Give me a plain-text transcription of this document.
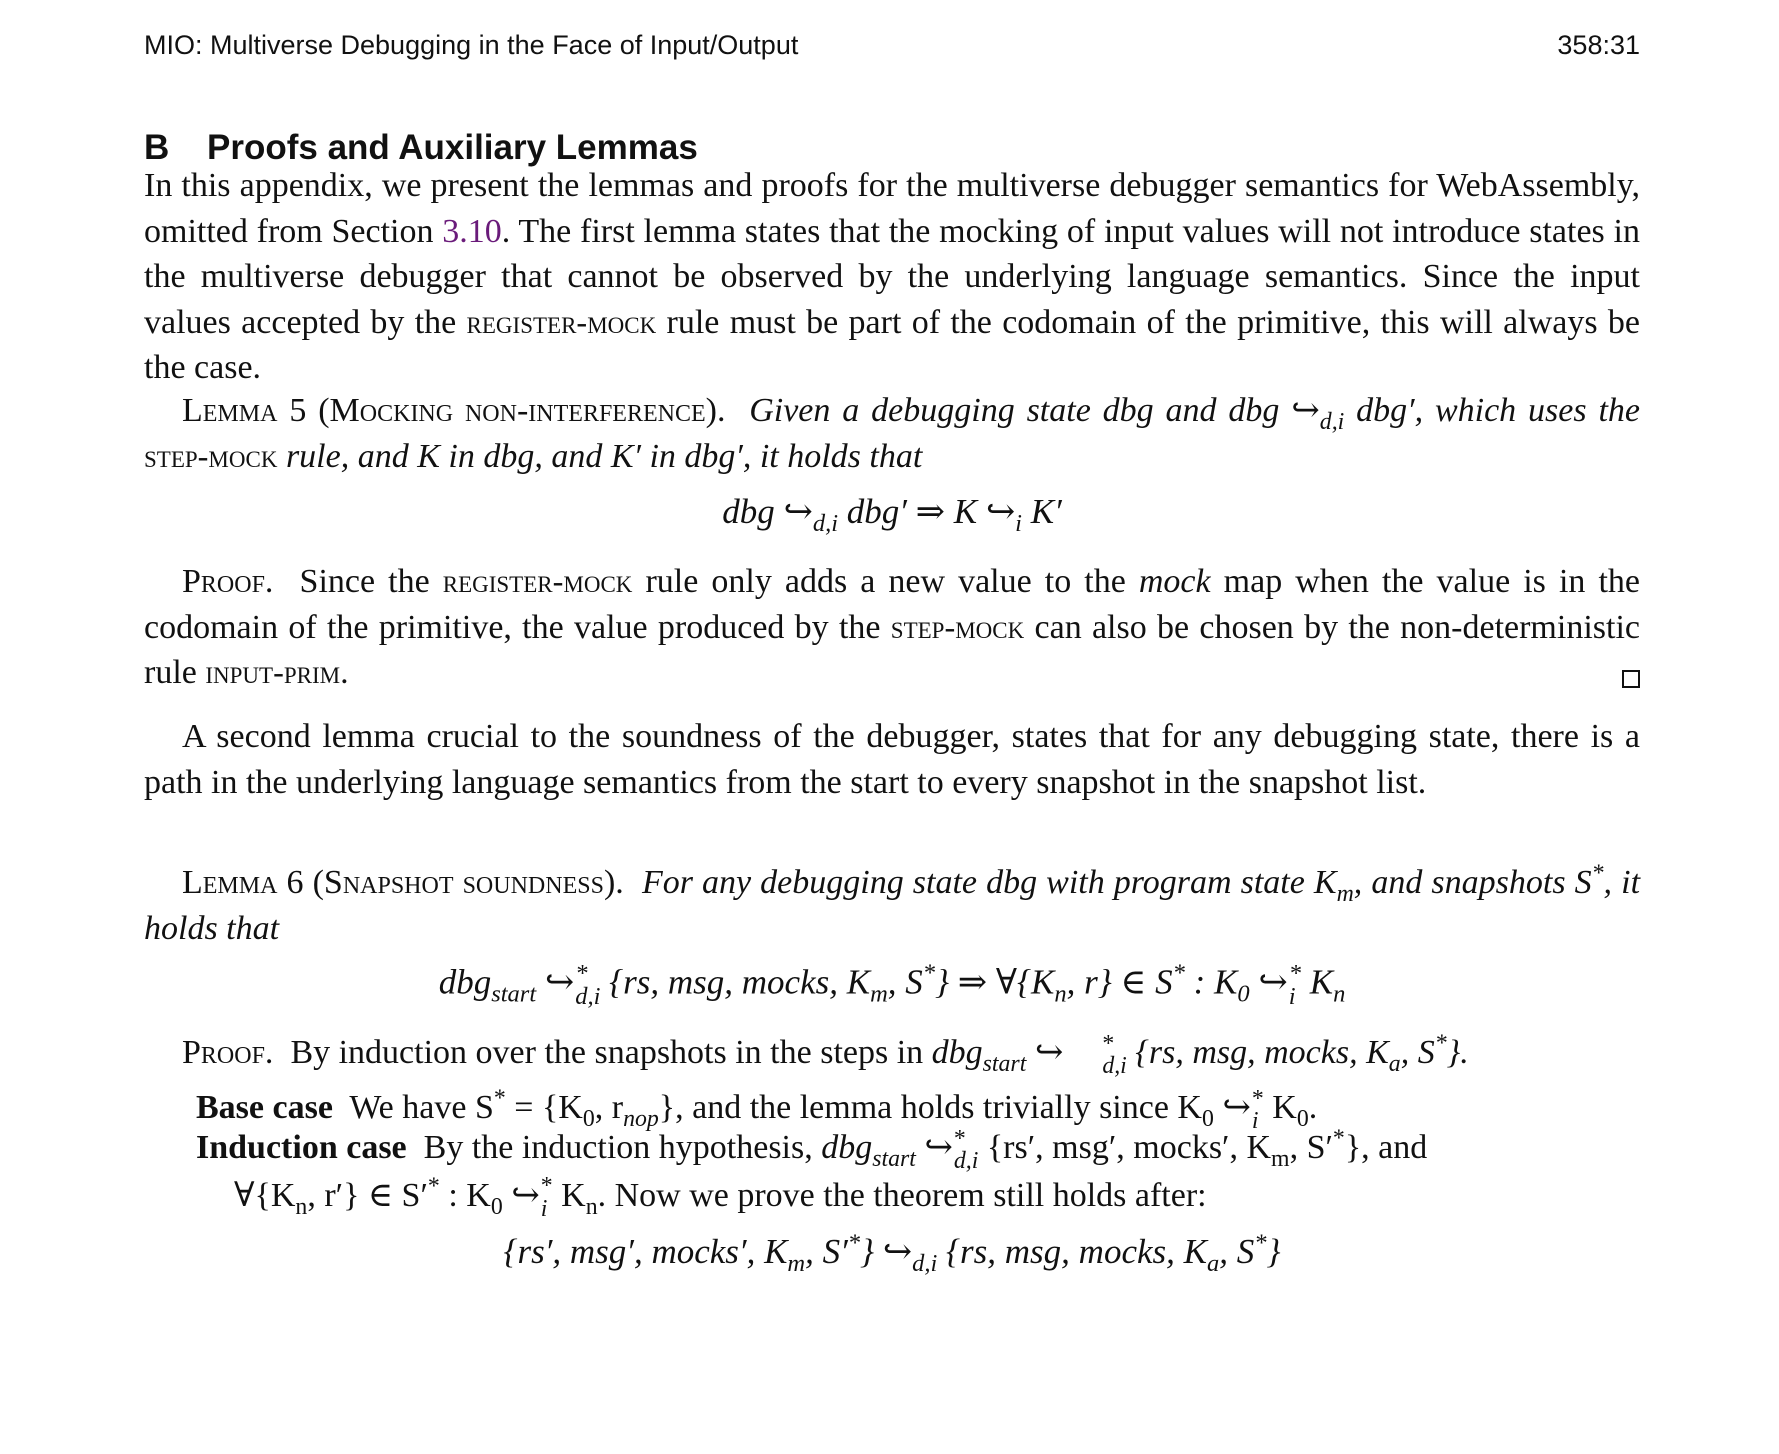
MIO: Multiverse Debugging in the Face of Input/Output	358:31
B Proofs and Auxiliary Lemmas
In this appendix, we present the lemmas and proofs for the multiverse debugger semantics for WebAssembly, omitted from Section 3.10. The first lemma states that the mocking of input values will not introduce states in the multiverse debugger that cannot be observed by the underlying language semantics. Since the input values accepted by the register-mock rule must be part of the codomain of the primitive, this will always be the case.
Lemma 5 (Mocking non-interference). Given a debugging state dbg and dbg $↪_{d,i}$ dbg′, which uses the step-mock rule, and K in dbg, and K′ in dbg′, it holds that
dbg $↪_{d,i}$ dbg′ ⇒ K $↪_i$ K′
Proof. Since the register-mock rule only adds a new value to the mock map when the value is in the codomain of the primitive, the value produced by the step-mock can also be chosen by the non-deterministic rule input-prim.
A second lemma crucial to the soundness of the debugger, states that for any debugging state, there is a path in the underlying language semantics from the start to every snapshot in the snapshot list.
Lemma 6 (Snapshot soundness). For any debugging state dbg with program state $K_m$, and snapshots S*, it holds that
dbg$_{start}$ ↪ *
d,i {rs, msg, mocks, $K_m$, S*} ⇒ $\forall\{K_n$, r} ∈ S* : $K_0$ ↪ *
i $K_n$
Proof. By induction over the snapshots in the steps in dbg$_{start}$ ↪	*
d,i {rs, msg, mocks, $K_a$, S*}.
Base case We have $S^* = \{K_0$, $r_{nop}$}, and the lemma holds trivially since $K_0$ ↪ *
i $K_0$.
Induction case By the induction hypothesis, dbg$_{start}$ ↪ *
d,i {rs′, msg′, mocks′, $K_m$, S′*}, and
$\forall\{K_n$, r′} ∈ S′* : $K_0$ ↪ *
i $K_n$. Now we prove the theorem still holds after:
{rs′, msg′, mocks′, $K_m$, S′*} $↪_{d,i}$ {rs, msg, mocks, $K_a$, S*}
